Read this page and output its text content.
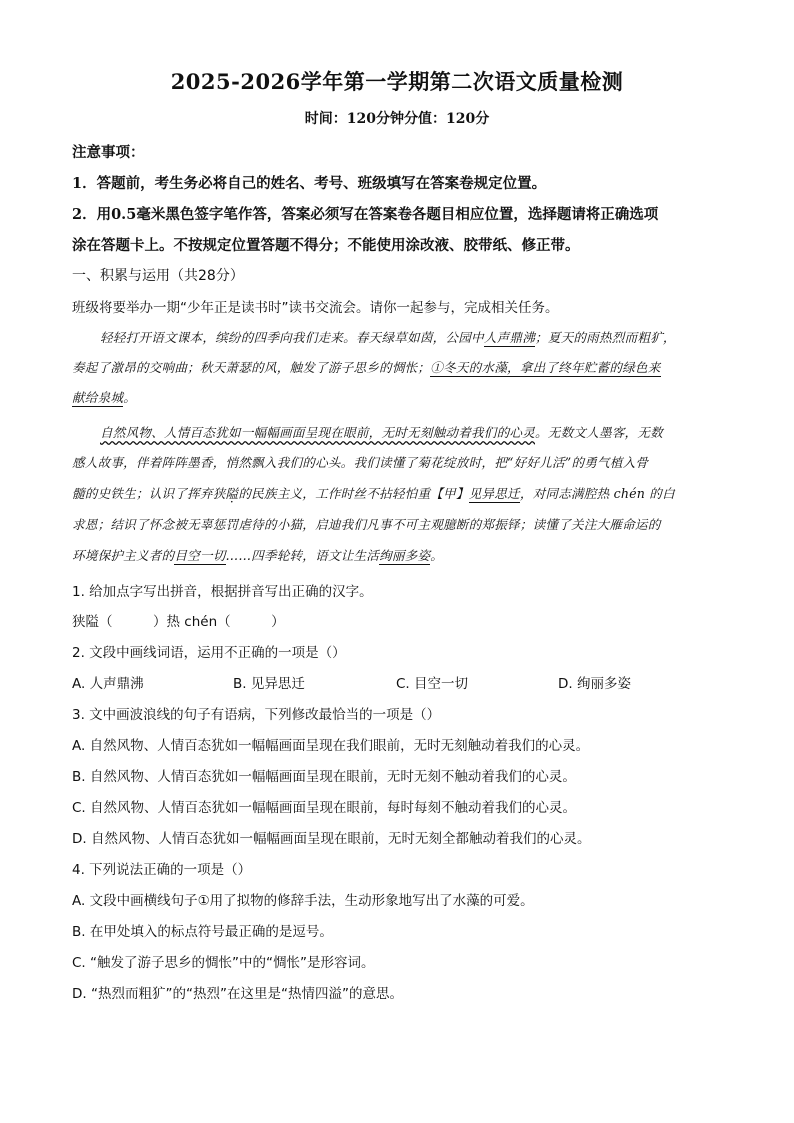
2025-2026学年第一学期第二次语文质量检测
时间：120分钟分值：120分
注意事项：
1．答题前，考生务必将自己的姓名、考号、班级填写在答案卷规定位置。
2．用0.5毫米黑色签字笔作答，答案必须写在答案卷各题目相应位置，选择题请将正确选项
涂在答题卡上。不按规定位置答题不得分；不能使用涂改液、胶带纸、修正带。
一、积累与运用（共28分）
班级将要举办一期“少年正是读书时”读书交流会。请你一起参与，完成相关任务。
轻轻打开语文课本，缤纷的四季向我们走来。春天绿草如茵，公园中人声鼎沸；夏天的雨热烈而粗犷，
奏起了激昂的交响曲；秋天萧瑟的风，触发了游子思乡的惆怅；①冬天的水藻，拿出了终年贮蓄的绿色来
献给泉城。
自然风物、人情百态犹如一幅幅画面呈现在眼前，无时无刻触动着我们的心灵。无数文人墨客，无数
感人故事，伴着阵阵墨香，悄然飘入我们的心头。我们读懂了菊花绽放时，把“好好儿活”的勇气植入骨
髓的史铁生；认识了挥弃狭隘的民族主义，工作时丝不拈轻怕重【甲】见异思迁，对同志满腔热 chén 的白
求恩；结识了怀念被无辜惩罚虐待的小猫，启迪我们凡事不可主观臆断的郑振铎；读懂了关注大雁命运的
环境保护主义者的目空一切……四季轮转，语文让生活绚丽多姿。
1. 给加点字写出拼音，根据拼音写出正确的汉字。
狭隘（　　　）热 chén（　　　）
2. 文段中画线词语，运用不正确的一项是（）
A. 人声鼎沸	B. 见异思迁	C. 目空一切	D. 绚丽多姿
3. 文中画波浪线的句子有语病，下列修改最恰当的一项是（）
A. 自然风物、人情百态犹如一幅幅画面呈现在我们眼前，无时无刻触动着我们的心灵。
B. 自然风物、人情百态犹如一幅幅画面呈现在眼前，无时无刻不触动着我们的心灵。
C. 自然风物、人情百态犹如一幅幅画面呈现在眼前，每时每刻不触动着我们的心灵。
D. 自然风物、人情百态犹如一幅幅画面呈现在眼前，无时无刻全都触动着我们的心灵。
4. 下列说法正确的一项是（）
A. 文段中画横线句子①用了拟物的修辞手法，生动形象地写出了水藻的可爱。
B. 在甲处填入的标点符号最正确的是逗号。
C. “触发了游子思乡的惆怅”中的“惆怅”是形容词。
D. “热烈而粗犷”的“热烈”在这里是“热情四溢”的意思。
